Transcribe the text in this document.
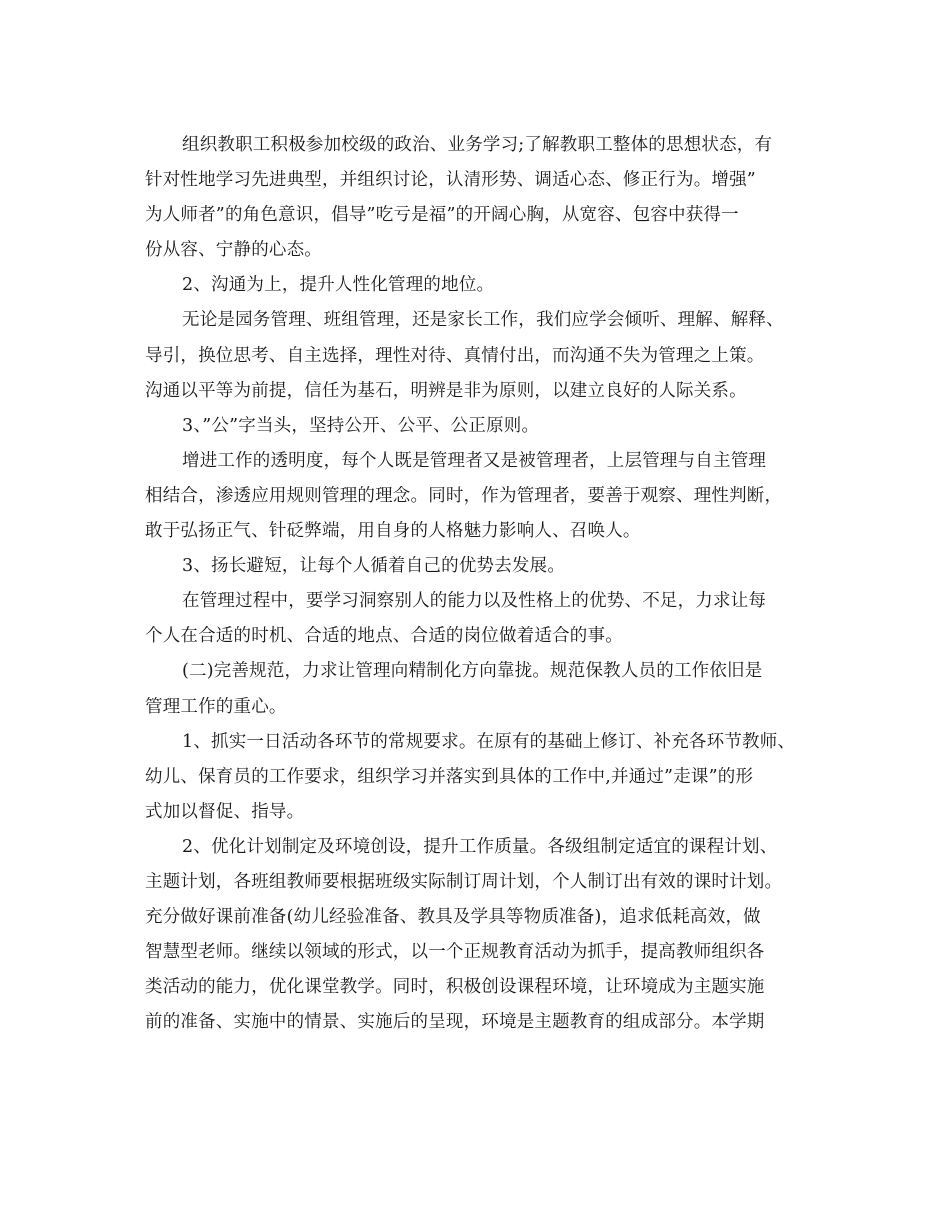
组织教职工积极参加校级的政治、业务学习;了解教职工整体的思想状态，有
针对性地学习先进典型，并组织讨论，认清形势、调适心态、修正行为。增强”
为人师者”的角色意识，倡导”吃亏是福”的开阔心胸，从宽容、包容中获得一
份从容、宁静的心态。
2、沟通为上，提升人性化管理的地位。
无论是园务管理、班组管理，还是家长工作，我们应学会倾听、理解、解释、
导引，换位思考、自主选择，理性对待、真情付出，而沟通不失为管理之上策。
沟通以平等为前提，信任为基石，明辨是非为原则，以建立良好的人际关系。
3、”公”字当头，坚持公开、公平、公正原则。
增进工作的透明度，每个人既是管理者又是被管理者，上层管理与自主管理
相结合，渗透应用规则管理的理念。同时，作为管理者，要善于观察、理性判断，
敢于弘扬正气、针砭弊端，用自身的人格魅力影响人、召唤人。
3、扬长避短，让每个人循着自己的优势去发展。
在管理过程中，要学习洞察别人的能力以及性格上的优势、不足，力求让每
个人在合适的时机、合适的地点、合适的岗位做着适合的事。
(二)完善规范，力求让管理向精制化方向靠拢。规范保教人员的工作依旧是
管理工作的重心。
1、抓实一日活动各环节的常规要求。在原有的基础上修订、补充各环节教师、
幼儿、保育员的工作要求，组织学习并落实到具体的工作中,并通过”走课”的形
式加以督促、指导。
2、优化计划制定及环境创设，提升工作质量。各级组制定适宜的课程计划、
主题计划，各班组教师要根据班级实际制订周计划，个人制订出有效的课时计划。
充分做好课前准备(幼儿经验准备、教具及学具等物质准备)，追求低耗高效，做
智慧型老师。继续以领域的形式，以一个正规教育活动为抓手，提高教师组织各
类活动的能力，优化课堂教学。同时，积极创设课程环境，让环境成为主题实施
前的准备、实施中的情景、实施后的呈现，环境是主题教育的组成部分。本学期
